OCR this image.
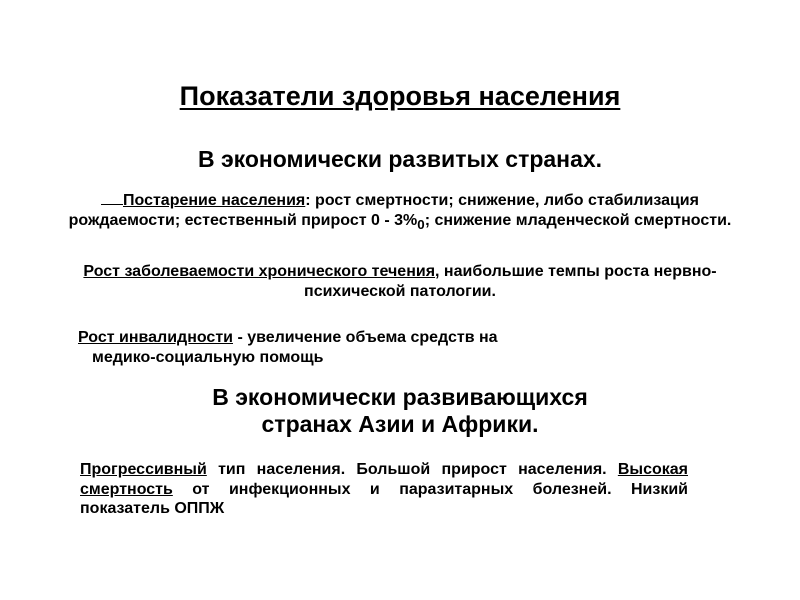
Показатели здоровья населения
В экономически развитых странах.
Постарение населения: рост смертности; снижение, либо стабилизация рождаемости; естественный прирост $0 - 3\%_0$; снижение младенческой смертности.
Рост заболеваемости хронического течения, наибольшие темпы роста нервно-психической патологии.
Рост инвалидности - увеличение объема средств на
медико-социальную помощь
В экономически развивающихся
странах Азии и Африки.
Прогрессивный тип населения. Большой прирост населения. Высокая смертность от инфекционных и паразитарных болезней. Низкий показатель ОППЖ
